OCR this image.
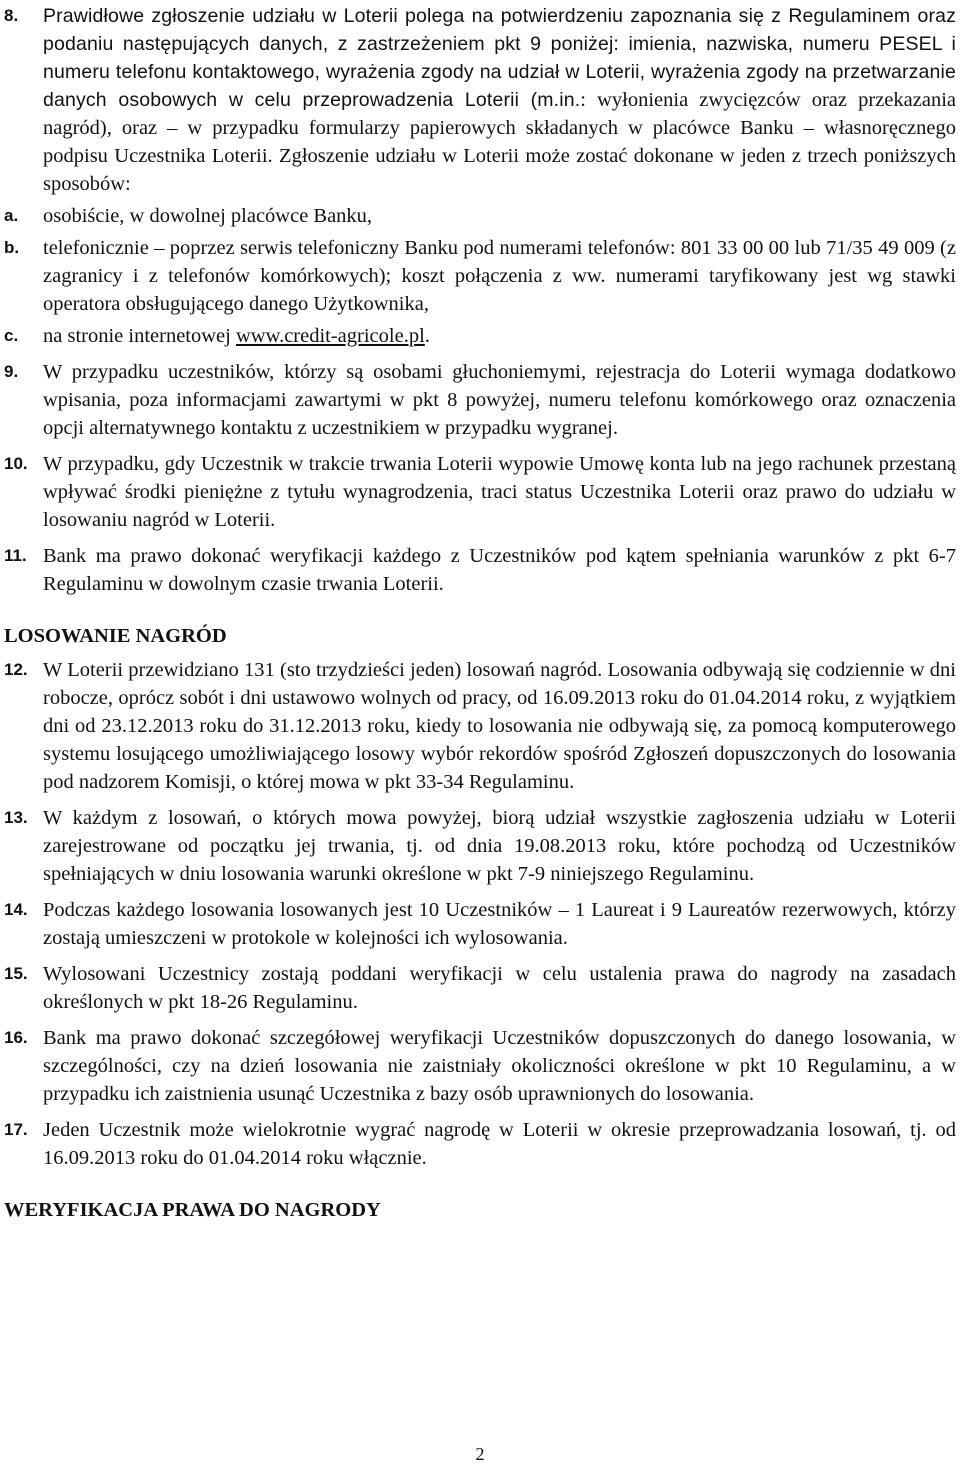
8. Prawidłowe zgłoszenie udziału w Loterii polega na potwierdzeniu zapoznania się z Regulaminem oraz podaniu następujących danych, z zastrzeżeniem pkt 9 poniżej: imienia, nazwiska, numeru PESEL i numeru telefonu kontaktowego, wyrażenia zgody na udział w Loterii, wyrażenia zgody na przetwarzanie danych osobowych w celu przeprowadzenia Loterii (m.in.: wyłonienia zwycięzców oraz przekazania nagród), oraz – w przypadku formularzy papierowych składanych w placówce Banku – własnoręcznego podpisu Uczestnika Loterii. Zgłoszenie udziału w Loterii może zostać dokonane w jeden z trzech poniższych sposobów:
a. osobiście, w dowolnej placówce Banku,
b. telefonicznie – poprzez serwis telefoniczny Banku pod numerami telefonów: 801 33 00 00 lub 71/35 49 009 (z zagranicy i z telefonów komórkowych); koszt połączenia z ww. numerami taryfikowany jest wg stawki operatora obsługującego danego Użytkownika,
c. na stronie internetowej www.credit-agricole.pl.
9. W przypadku uczestników, którzy są osobami głuchoniemymi, rejestracja do Loterii wymaga dodatkowo wpisania, poza informacjami zawartymi w pkt 8 powyżej, numeru telefonu komórkowego oraz oznaczenia opcji alternatywnego kontaktu z uczestnikiem w przypadku wygranej.
10. W przypadku, gdy Uczestnik w trakcie trwania Loterii wypowie Umowę konta lub na jego rachunek przestaną wpływać środki pieniężne z tytułu wynagrodzenia, traci status Uczestnika Loterii oraz prawo do udziału w losowaniu nagród w Loterii.
11. Bank ma prawo dokonać weryfikacji każdego z Uczestników pod kątem spełniania warunków z pkt 6-7 Regulaminu w dowolnym czasie trwania Loterii.
LOSOWANIE NAGRÓD
12. W Loterii przewidziano 131 (sto trzydzieści jeden) losowań nagród. Losowania odbywają się codziennie w dni robocze, oprócz sobót i dni ustawowo wolnych od pracy, od 16.09.2013 roku do 01.04.2014 roku, z wyjątkiem dni od 23.12.2013 roku do 31.12.2013 roku, kiedy to losowania nie odbywają się, za pomocą komputerowego systemu losującego umożliwiającego losowy wybór rekordów spośród Zgłoszeń dopuszczonych do losowania pod nadzorem Komisji, o której mowa w pkt 33-34 Regulaminu.
13. W każdym z losowań, o których mowa powyżej, biorą udział wszystkie zagłoszenia udziału w Loterii zarejestrowane od początku jej trwania, tj. od dnia 19.08.2013 roku, które pochodzą od Uczestników spełniających w dniu losowania warunki określone w pkt 7-9 niniejszego Regulaminu.
14. Podczas każdego losowania losowanych jest 10 Uczestników – 1 Laureat i 9 Laureatów rezerwowych, którzy zostają umieszczeni w protokole w kolejności ich wylosowania.
15. Wylosowani Uczestnicy zostają poddani weryfikacji w celu ustalenia prawa do nagrody na zasadach określonych w pkt 18-26 Regulaminu.
16. Bank ma prawo dokonać szczegółowej weryfikacji Uczestników dopuszczonych do danego losowania, w szczególności, czy na dzień losowania nie zaistniały okoliczności określone w pkt 10 Regulaminu, a w przypadku ich zaistnienia usunąć Uczestnika z bazy osób uprawnionych do losowania.
17. Jeden Uczestnik może wielokrotnie wygrać nagrodę w Loterii w okresie przeprowadzania losowań, tj. od 16.09.2013 roku do 01.04.2014 roku włącznie.
WERYFIKACJA PRAWA DO NAGRODY
2
